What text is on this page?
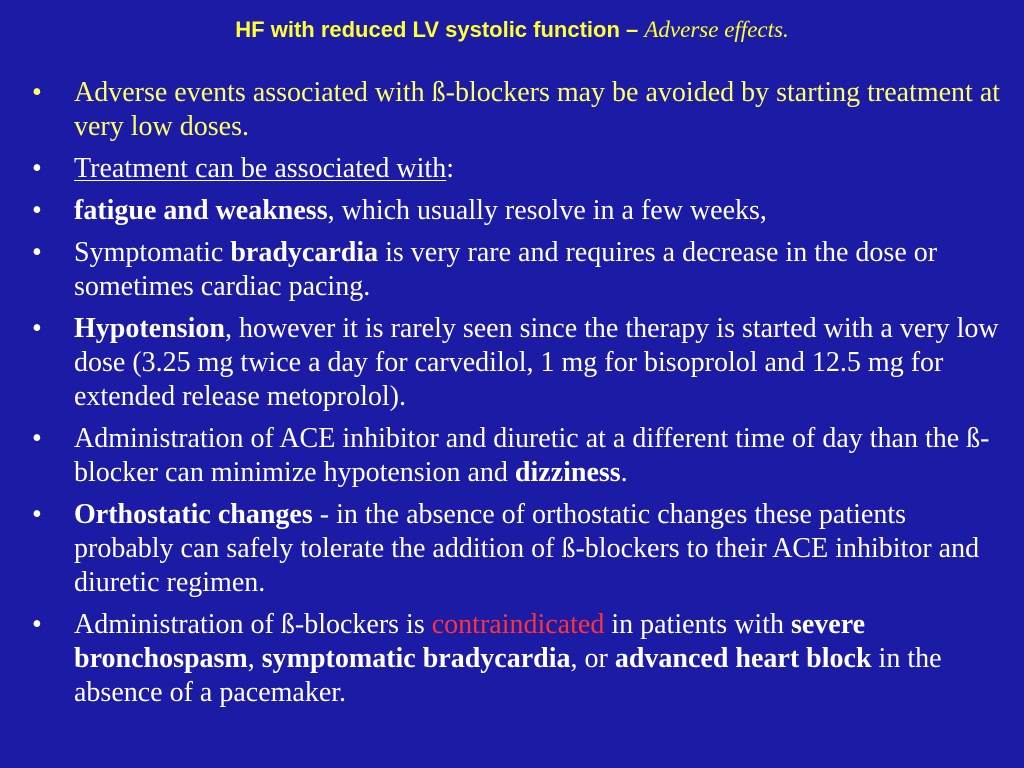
HF with reduced LV systolic function – Adverse effects.
• Adverse events associated with ß-blockers may be avoided by starting treatment at very low doses.
• Treatment can be associated with:
• fatigue and weakness, which usually resolve in a few weeks,
• Symptomatic bradycardia is very rare and requires a decrease in the dose or sometimes cardiac pacing.
• Hypotension, however it is rarely seen since the therapy is started with a very low dose (3.25 mg twice a day for carvedilol, 1 mg for bisoprolol and 12.5 mg for extended release metoprolol).
• Administration of ACE inhibitor and diuretic at a different time of day than the ß-blocker can minimize hypotension and dizziness.
• Orthostatic changes - in the absence of orthostatic changes these patients probably can safely tolerate the addition of ß-blockers to their ACE inhibitor and diuretic regimen.
• Administration of ß-blockers is contraindicated in patients with severe bronchospasm, symptomatic bradycardia, or advanced heart block in the absence of a pacemaker.
